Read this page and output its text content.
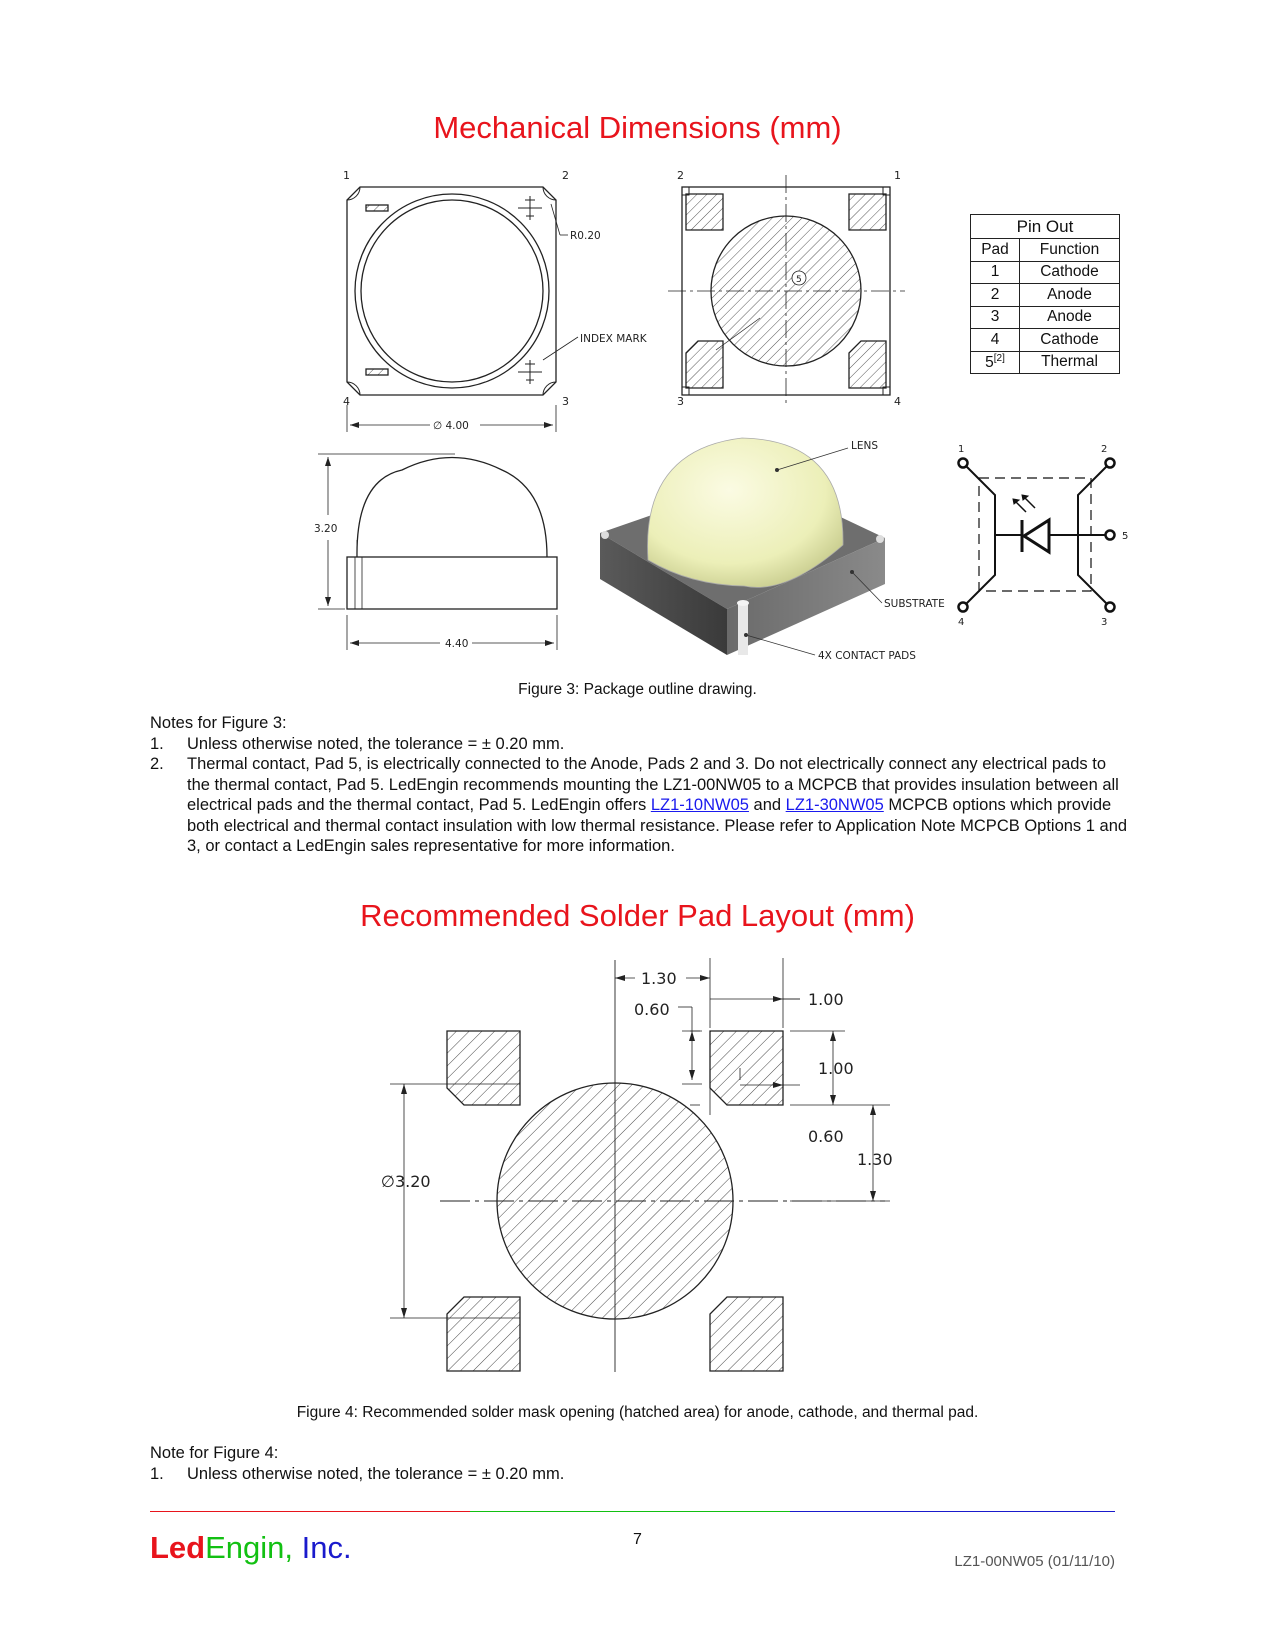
Mechanical Dimensions (mm)
1	2
4	3
R0.20
INDEX MARK
∅ 4.00
5
2	1
3	4
3.20
4.40
LENS
SUBSTRATE
4X CONTACT PADS
1	2
4	3
5
Pin Out	
Pad	Function
1	Cathode
2	Anode
3	Anode
4	Cathode
5[2]	Thermal
Figure 3: Package outline drawing.

Notes for Figure 3:

1. Unless otherwise noted, the tolerance = ± 0.20 mm.
2. Thermal contact, Pad 5, is electrically connected to the Anode, Pads 2 and 3. Do not electrically connect any electrical pads to the thermal contact, Pad 5. LedEngin recommends mounting the LZ1-00NW05 to a MCPCB that provides insulation between all electrical pads and the thermal contact, Pad 5. LedEngin offers LZ1-10NW05 and LZ1-30NW05 MCPCB options which provide both electrical and thermal contact insulation with low thermal resistance. Please refer to Application Note MCPCB Options 1 and 3, or contact a LedEngin sales representative for more information.
Recommended Solder Pad Layout (mm)
1.30
0.60
1.00
1.00
0.60
1.30
∅3.20
Figure 4: Recommended solder mask opening (hatched area) for anode, cathode, and thermal pad.

Note for Figure 4:

1. Unless otherwise noted, the tolerance = ± 0.20 mm.
LedEngin, Inc.	7
LZ1-00NW05 (01/11/10)
